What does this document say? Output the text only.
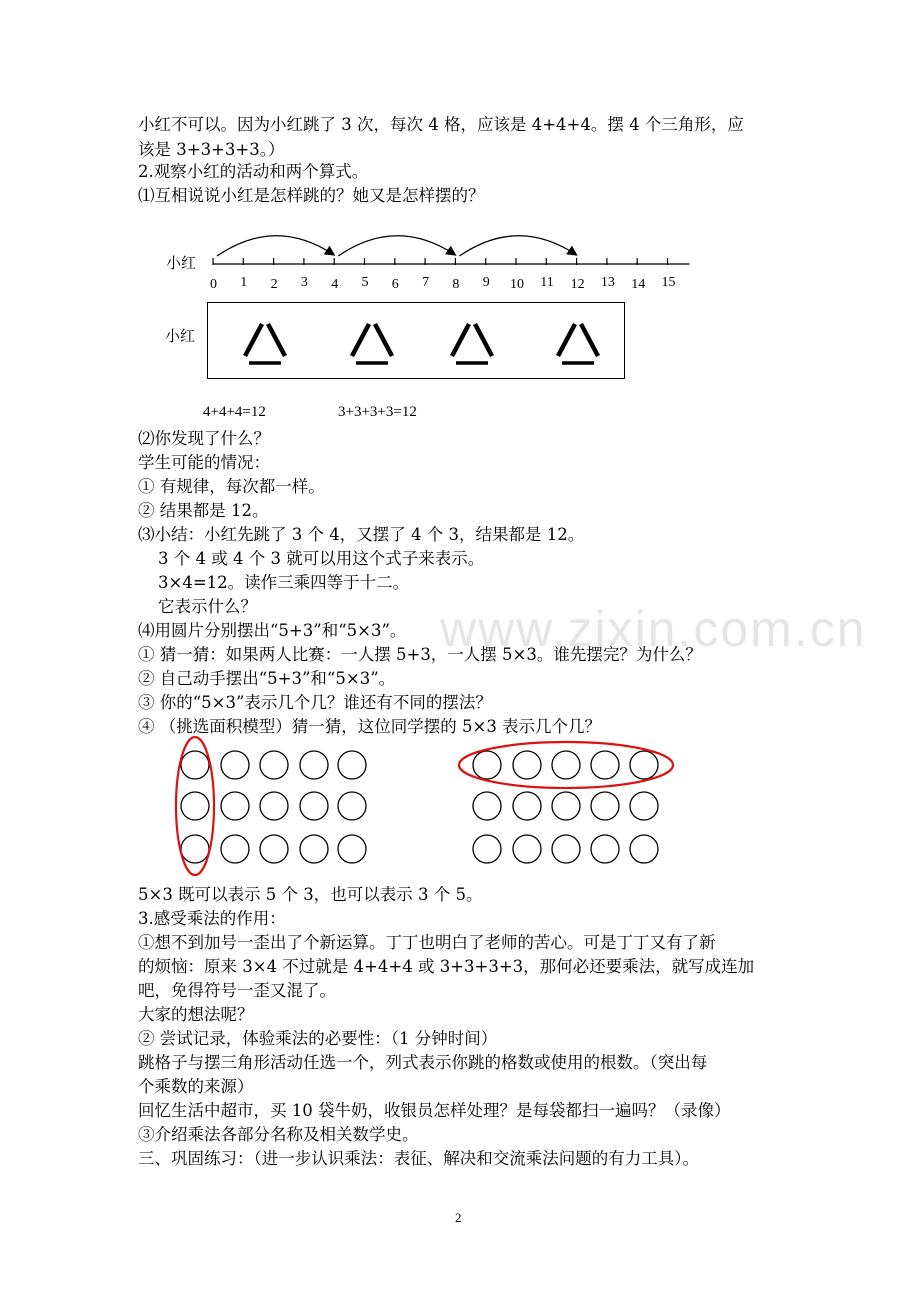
小红不可以。因为小红跳了 3 次，每次 4 格，应该是 4+4+4。摆 4 个三角形，应
该是 3+3+3+3。）
2.观察小红的活动和两个算式。
⑴互相说说小红是怎样跳的？她又是怎样摆的？
小红
0 1 2 3 4 5 6 7 8 9 10 11 12 13 14 15
小红
4+4+4=12	3+3+3+3=12
⑵你发现了什么？
学生可能的情况：
① 有规律，每次都一样。
② 结果都是 12。
⑶小结：小红先跳了 3 个 4，又摆了 4 个 3，结果都是 12。
3 个 4 或 4 个 3 就可以用这个式子来表示。
3×4=12。读作三乘四等于十二。
它表示什么？	www.zixin.com.cn
⑷用圆片分别摆出“5+3”和“5×3”。
① 猜一猜：如果两人比赛：一人摆 5+3，一人摆 5×3。谁先摆完？为什么？
② 自己动手摆出“5+3”和“5×3”。
③ 你的“5×3”表示几个几？谁还有不同的摆法？
④ （挑选面积模型）猜一猜，这位同学摆的 5×3 表示几个几？
5×3 既可以表示 5 个 3，也可以表示 3 个 5。
3.感受乘法的作用：
①想不到加号一歪出了个新运算。丁丁也明白了老师的苦心。可是丁丁又有了新
的烦恼：原来 3×4 不过就是 4+4+4 或 3+3+3+3，那何必还要乘法，就写成连加
吧，免得符号一歪又混了。
大家的想法呢？
② 尝试记录，体验乘法的必要性：（1 分钟时间）
跳格子与摆三角形活动任选一个，列式表示你跳的格数或使用的根数。（突出每
个乘数的来源）
回忆生活中超市，买 10 袋牛奶，收银员怎样处理？是每袋都扫一遍吗？（录像）
③介绍乘法各部分名称及相关数学史。
三、巩固练习：（进一步认识乘法：表征、解决和交流乘法问题的有力工具）。
2
